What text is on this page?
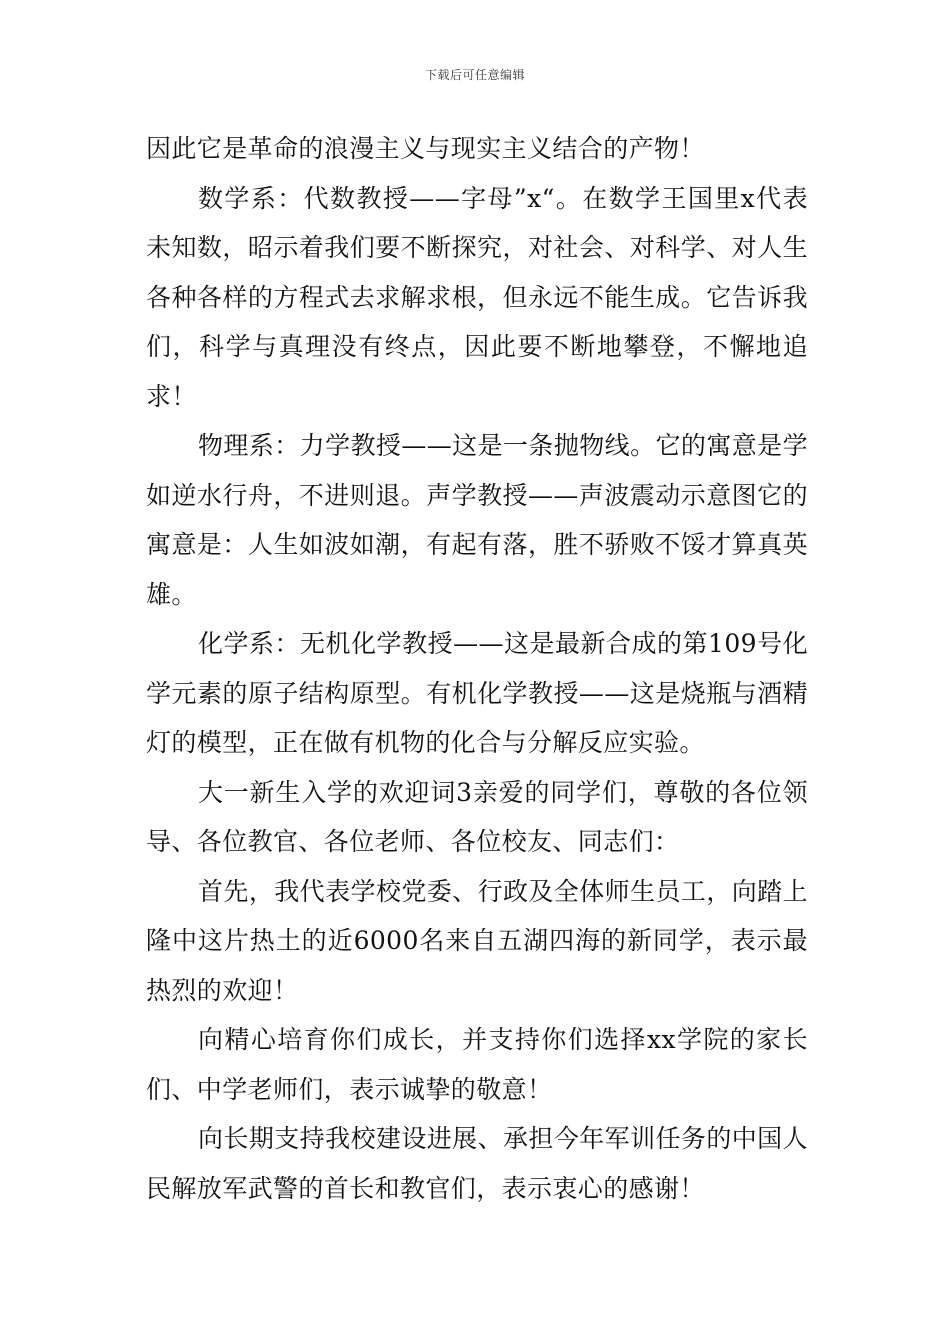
下载后可任意编辑

因此它是革命的浪漫主义与现实主义结合的产物！

数学系：代数教授——字母”x“。在数学王国里x代表未知数，昭示着我们要不断探究，对社会、对科学、对人生各种各样的方程式去求解求根，但永远不能生成。它告诉我们，科学与真理没有终点，因此要不断地攀登，不懈地追求！

物理系：力学教授——这是一条抛物线。它的寓意是学如逆水行舟，不进则退。声学教授——声波震动示意图它的寓意是：人生如波如潮，有起有落，胜不骄败不馁才算真英雄。

化学系：无机化学教授——这是最新合成的第109号化学元素的原子结构原型。有机化学教授——这是烧瓶与酒精灯的模型，正在做有机物的化合与分解反应实验。

大一新生入学的欢迎词3亲爱的同学们，尊敬的各位领导、各位教官、各位老师、各位校友、同志们：

首先，我代表学校党委、行政及全体师生员工，向踏上隆中这片热土的近6000名来自五湖四海的新同学，表示最热烈的欢迎！

向精心培育你们成长，并支持你们选择xx学院的家长们、中学老师们，表示诚挚的敬意！

向长期支持我校建设进展、承担今年军训任务的中国人民解放军武警的首长和教官们，表示衷心的感谢！
